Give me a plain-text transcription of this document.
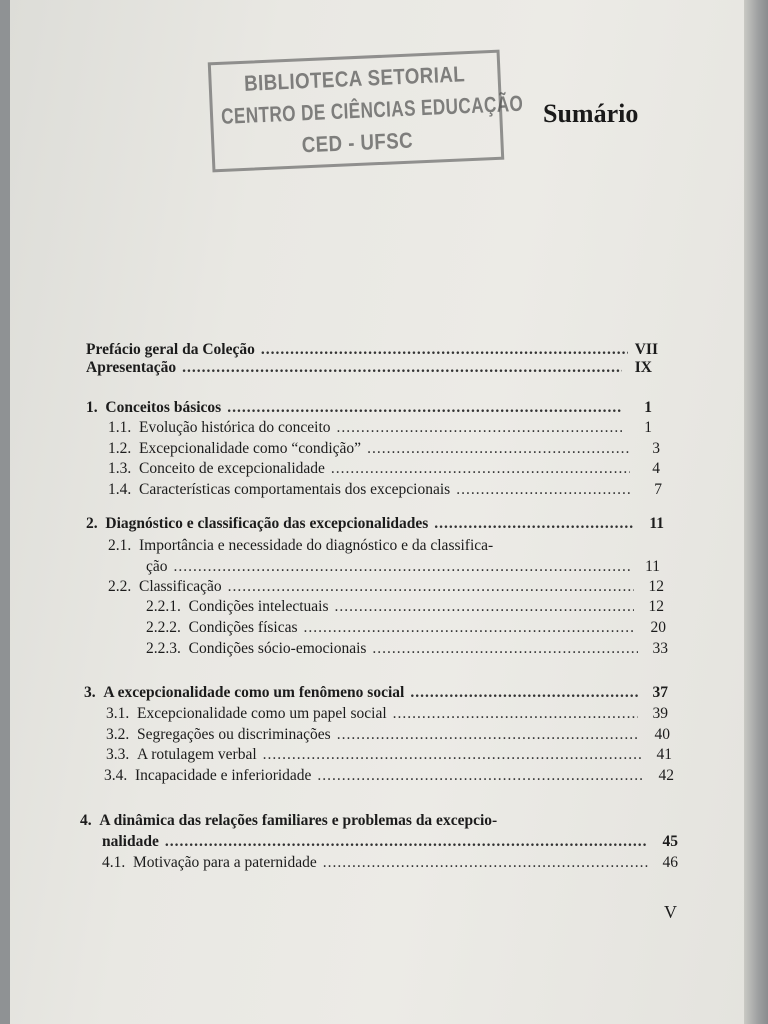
BIBLIOTECA SETORIAL
CENTRO DE CIÊNCIAS EDUCAÇÃO
CED - UFSC
Sumário
Prefácio geral da Coleção .....	VII
Apresentação .....	IX
1. Conceitos básicos .....	1
1.1. Evolução histórica do conceito .....	1
1.2. Excepcionalidade como “condição” .....	3
1.3. Conceito de excepcionalidade .....	4
1.4. Características comportamentais dos excepcionais .....	7
2. Diagnóstico e classificação das excepcionalidades .....	11
2.1. Importância e necessidade do diagnóstico e da classifica-
ção .....	11
2.2. Classificação .....	12
2.2.1. Condições intelectuais .....	12
2.2.2. Condições físicas .....	20
2.2.3. Condições sócio-emocionais .....	33
3. A excepcionalidade como um fenômeno social .....	37
3.1. Excepcionalidade como um papel social .....	39
3.2. Segregações ou discriminações .....	40
3.3. A rotulagem verbal .....	41
3.4. Incapacidade e inferioridade .....	42
4. A dinâmica das relações familiares e problemas da excepcio-
nalidade .....	45
4.1. Motivação para a paternidade .....	46
V
